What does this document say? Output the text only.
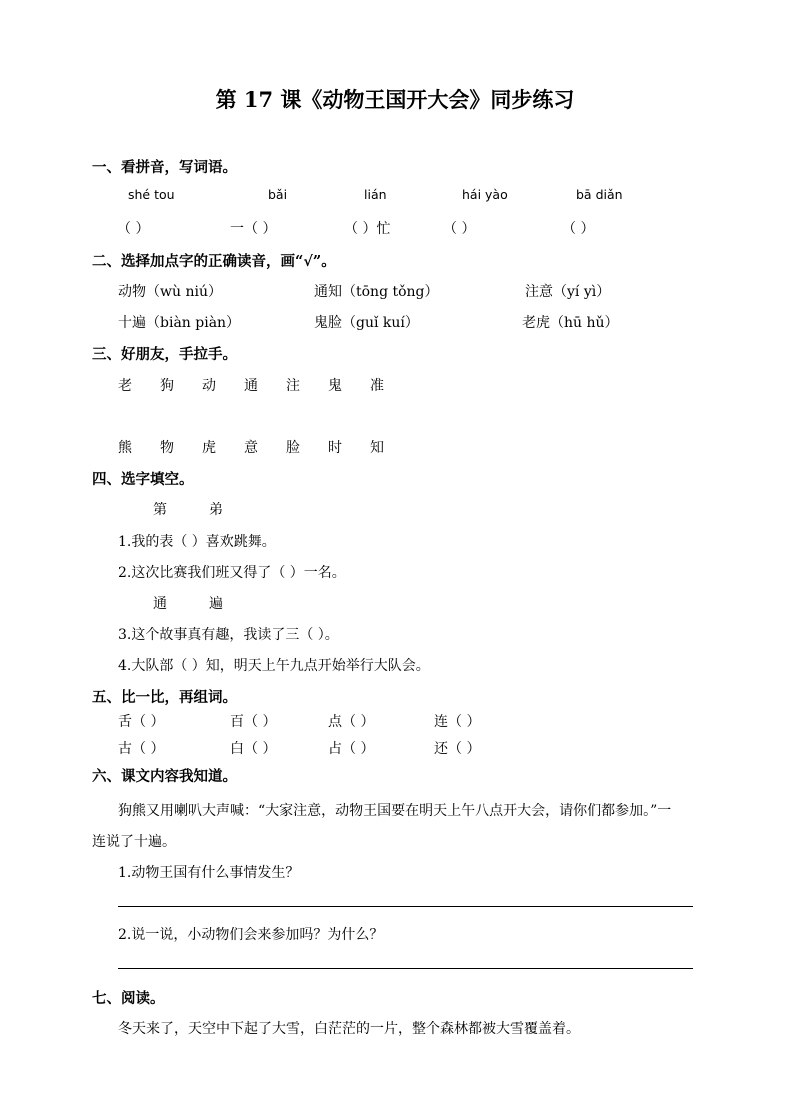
第 17 课《动物王国开大会》同步练习
一、看拼音，写词语。
shé tou	bǎi	lián	hái yào	bā diǎn
（ ）	一（ ）	（ ）忙	（ ）	（ ）
二、选择加点字的正确读音，画“√”。
动物（wù niú）	通知（tōng tǒng）	注意（yí yì）
十遍（biàn piàn）	鬼脸（guǐ kuí）	老虎（hū hǔ）
三、好朋友，手拉手。
老 狗 动 通 注 鬼 准
熊 物 虎 意 脸 时 知
四、选字填空。
第	弟
1.我的表（ ）喜欢跳舞。
2.这次比赛我们班又得了（ ）一名。
通	遍
3.这个故事真有趣，我读了三（ ）。
4.大队部（ ）知，明天上午九点开始举行大队会。
五、比一比，再组词。
舌（ ）	百（ ）	点（ ）	连（ ）
古（ ）	白（ ）	占（ ）	还（ ）
六、课文内容我知道。
狗熊又用喇叭大声喊：“大家注意，动物王国要在明天上午八点开大会，请你们都参加。”一
连说了十遍。
1.动物王国有什么事情发生？
2.说一说，小动物们会来参加吗？为什么？
七、阅读。
冬天来了，天空中下起了大雪，白茫茫的一片，整个森林都被大雪覆盖着。
